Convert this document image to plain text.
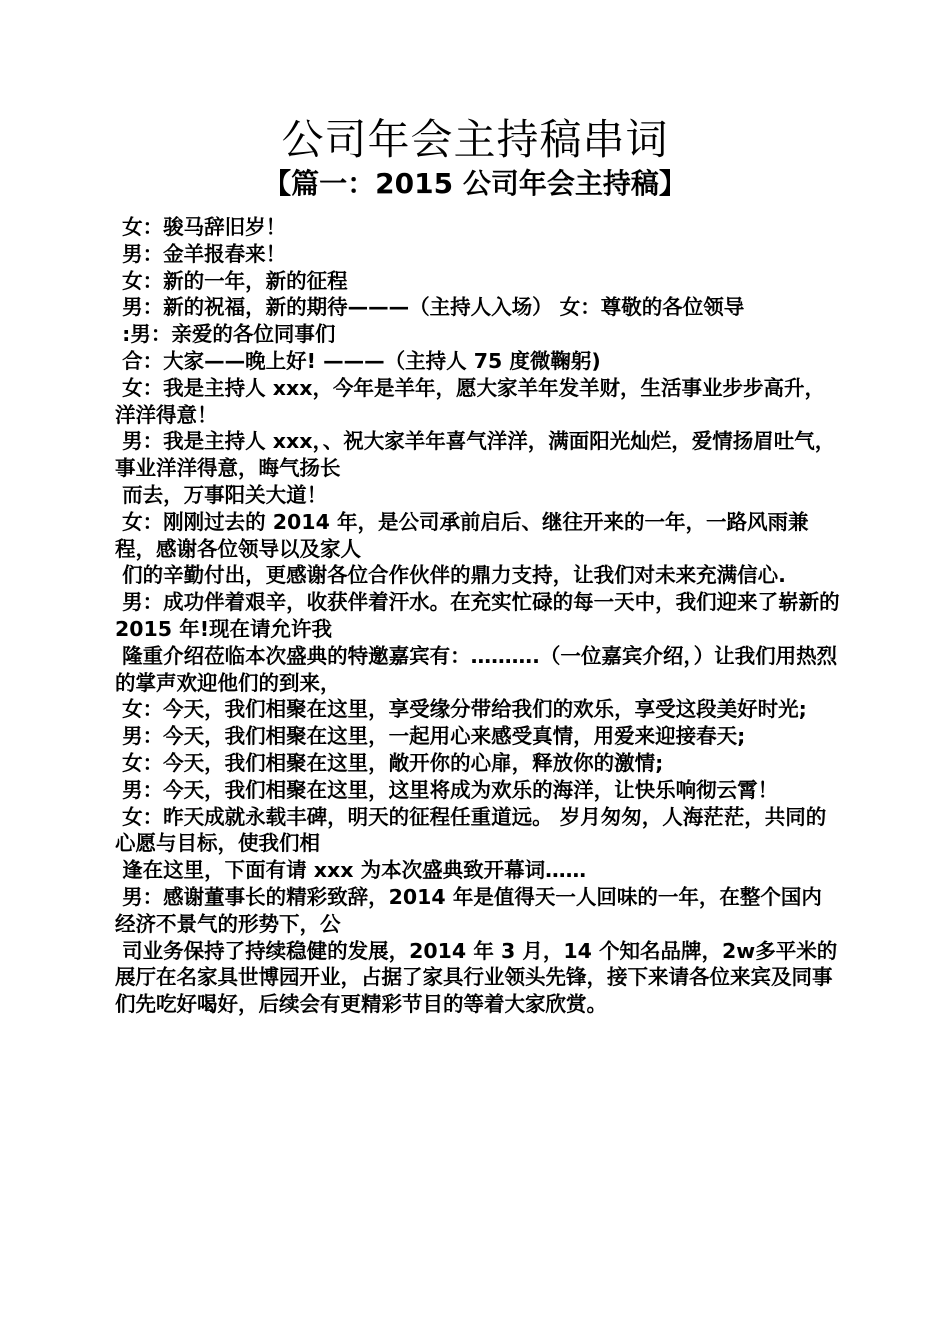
公司年会主持稿串词
【篇一：2015 公司年会主持稿】

女：骏马辞旧岁！

男：金羊报春来！

女：新的一年，新的征程

男：新的祝福，新的期待———（主持人入场） 女：尊敬的各位领导

:男：亲爱的各位同事们

合：大家——晚上好! ———（主持人 75 度微鞠躬)

女：我是主持人 xxx，今年是羊年，愿大家羊年发羊财，生活事业步步高升，洋洋得意！

男：我是主持人 xxx，、祝大家羊年喜气洋洋，满面阳光灿烂，爱情扬眉吐气，事业洋洋得意，晦气扬长

而去，万事阳关大道！

女：刚刚过去的 2014 年，是公司承前启后、继往开来的一年，一路风雨兼程，感谢各位领导以及家人

们的辛勤付出，更感谢各位合作伙伴的鼎力支持，让我们对未来充满信心.

男：成功伴着艰辛，收获伴着汗水。在充实忙碌的每一天中，我们迎来了崭新的 2015 年!现在请允许我

隆重介绍莅临本次盛典的特邀嘉宾有：……….（一位嘉宾介绍，）让我们用热烈的掌声欢迎他们的到来，

女：今天，我们相聚在这里，享受缘分带给我们的欢乐，享受这段美好时光;

男：今天，我们相聚在这里，一起用心来感受真情，用爱来迎接春天;

女：今天，我们相聚在这里，敞开你的心扉，释放你的激情;

男：今天，我们相聚在这里，这里将成为欢乐的海洋，让快乐响彻云霄！

女：昨天成就永载丰碑，明天的征程任重道远。 岁月匆匆，人海茫茫，共同的心愿与目标，使我们相

逢在这里，下面有请 xxx 为本次盛典致开幕词……

男：感谢董事长的精彩致辞，2014 年是值得天一人回味的一年，在整个国内经济不景气的形势下，公

司业务保持了持续稳健的发展，2014 年 3 月，14 个知名品牌，2w多平米的展厅在名家具世博园开业，占据了家具行业领头先锋，接下来请各位来宾及同事们先吃好喝好，后续会有更精彩节目的等着大家欣赏。
